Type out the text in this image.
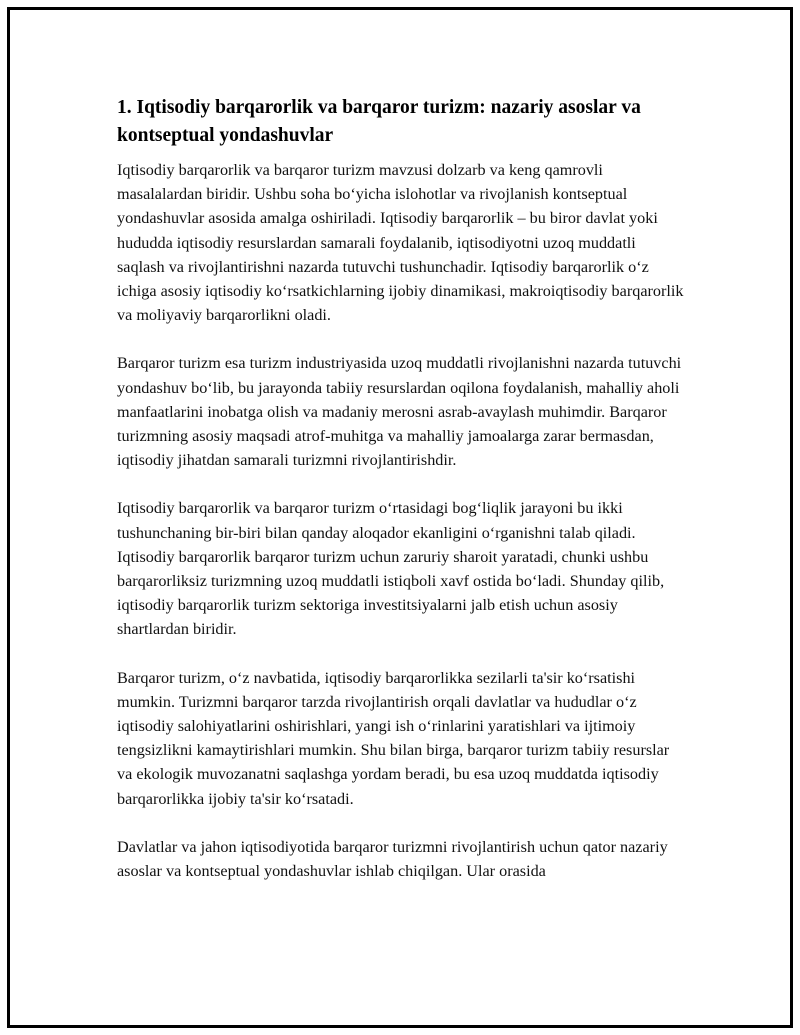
1. Iqtisodiy barqarorlik va barqaror turizm: nazariy asoslar va kontseptual yondashuvlar

Iqtisodiy barqarorlik va barqaror turizm mavzusi dolzarb va keng qamrovli masalalardan biridir. Ushbu soha boʻyicha islohotlar va rivojlanish kontseptual yondashuvlar asosida amalga oshiriladi. Iqtisodiy barqarorlik – bu biror davlat yoki hududda iqtisodiy resurslardan samarali foydalanib, iqtisodiyotni uzoq muddatli saqlash va rivojlantirishni nazarda tutuvchi tushunchadir. Iqtisodiy barqarorlik oʻz ichiga asosiy iqtisodiy koʻrsatkichlarning ijobiy dinamikasi, makroiqtisodiy barqarorlik va moliyaviy barqarorlikni oladi.

Barqaror turizm esa turizm industriyasida uzoq muddatli rivojlanishni nazarda tutuvchi yondashuv boʻlib, bu jarayonda tabiiy resurslardan oqilona foydalanish, mahalliy aholi manfaatlarini inobatga olish va madaniy merosni asrab-avaylash muhimdir. Barqaror turizmning asosiy maqsadi atrof-muhitga va mahalliy jamoalarga zarar bermasdan, iqtisodiy jihatdan samarali turizmni rivojlantirishdir.

Iqtisodiy barqarorlik va barqaror turizm oʻrtasidagi bogʻliqlik jarayoni bu ikki tushunchaning bir-biri bilan qanday aloqador ekanligini oʻrganishni talab qiladi. Iqtisodiy barqarorlik barqaror turizm uchun zaruriy sharoit yaratadi, chunki ushbu barqarorliksiz turizmning uzoq muddatli istiqboli xavf ostida boʻladi. Shunday qilib, iqtisodiy barqarorlik turizm sektoriga investitsiyalarni jalb etish uchun asosiy shartlardan biridir.

Barqaror turizm, oʻz navbatida, iqtisodiy barqarorlikka sezilarli ta'sir koʻrsatishi mumkin. Turizmni barqaror tarzda rivojlantirish orqali davlatlar va hududlar oʻz iqtisodiy salohiyatlarini oshirishlari, yangi ish oʻrinlarini yaratishlari va ijtimoiy tengsizlikni kamaytirishlari mumkin. Shu bilan birga, barqaror turizm tabiiy resurslar va ekologik muvozanatni saqlashga yordam beradi, bu esa uzoq muddatda iqtisodiy barqarorlikka ijobiy ta'sir koʻrsatadi.

Davlatlar va jahon iqtisodiyotida barqaror turizmni rivojlantirish uchun qator nazariy asoslar va kontseptual yondashuvlar ishlab chiqilgan. Ular orasida
